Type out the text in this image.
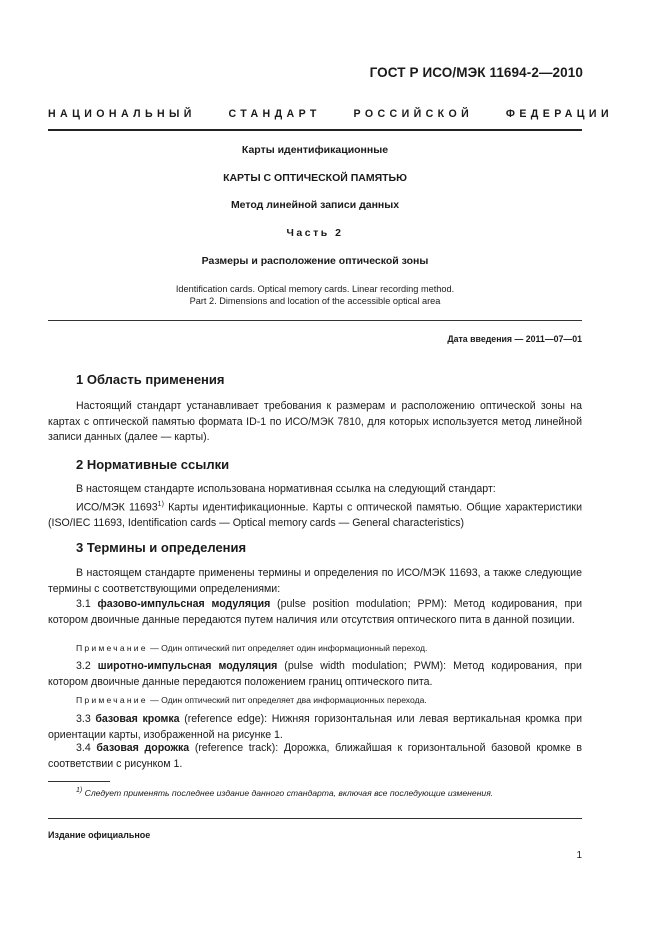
ГОСТ Р ИСО/МЭК 11694-2—2010
НАЦИОНАЛЬНЫЙ	СТАНДАРТ	РОССИЙСКОЙ	ФЕДЕРАЦИИ
Карты идентификационные
КАРТЫ С ОПТИЧЕСКОЙ ПАМЯТЬЮ
Метод линейной записи данных
Часть 2
Размеры и расположение оптической зоны
Identification cards. Optical memory cards. Linear recording method.
Part 2. Dimensions and location of the accessible optical area
Дата введения — 2011—07—01
1 Область применения
Настоящий стандарт устанавливает требования к размерам и расположению оптической зоны на картах с оптической памятью формата ID-1 по ИСО/МЭК 7810, для которых используется метод линейной записи данных (далее — карты).
2 Нормативные ссылки
В настоящем стандарте использована нормативная ссылка на следующий стандарт:
ИСО/МЭК 11693$^{1)}$ Карты идентификационные. Карты с оптической памятью. Общие характеристики (ISO/IEC 11693, Identification cards — Optical memory cards — General characteristics)
3 Термины и определения
В настоящем стандарте применены термины и определения по ИСО/МЭК 11693, а также следующие термины с соответствующими определениями:
3.1 фазово-импульсная модуляция (pulse position modulation; PPM): Метод кодирования, при котором двоичные данные передаются путем наличия или отсутствия оптического пита в данной позиции.
Примечание — Один оптический пит определяет один информационный переход.
3.2 широтно-импульсная модуляция (pulse width modulation; PWM): Метод кодирования, при котором двоичные данные передаются положением границ оптического пита.
Примечание — Один оптический пит определяет два информационных перехода.
3.3 базовая кромка (reference edge): Нижняя горизонтальная или левая вертикальная кромка при ориентации карты, изображенной на рисунке 1.
3.4 базовая дорожка (reference track): Дорожка, ближайшая к горизонтальной базовой кромке в соответствии с рисунком 1.
$^{1)}$ Следует применять последнее издание данного стандарта, включая все последующие изменения.
Издание официальное
1
